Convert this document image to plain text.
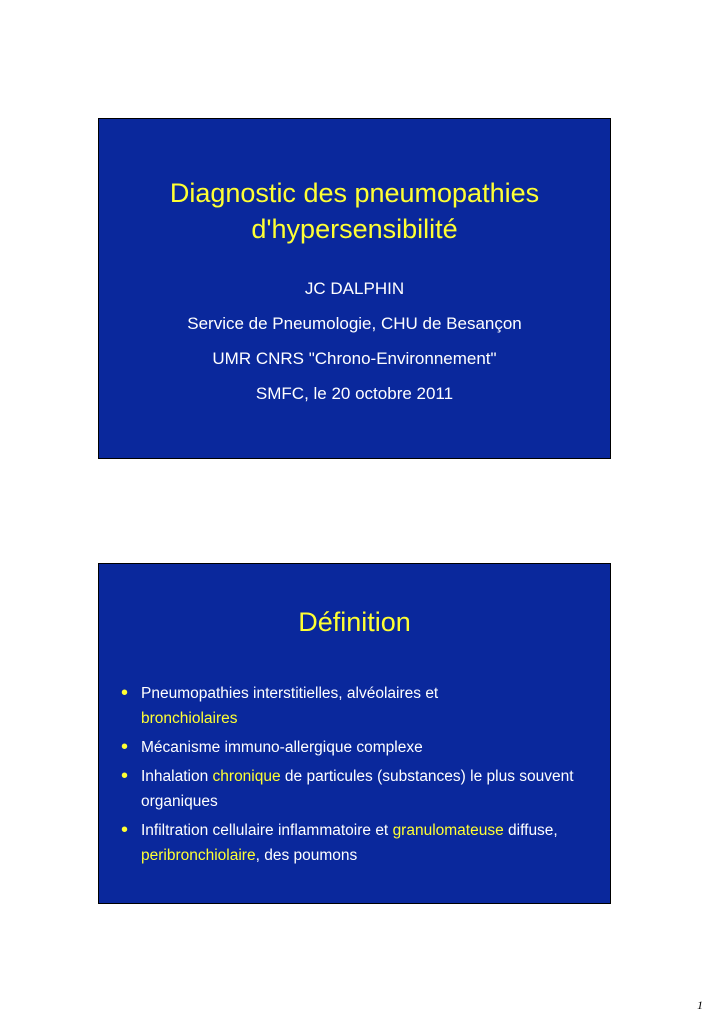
Diagnostic des pneumopathies
d'hypersensibilité
JC DALPHIN
Service de Pneumologie, CHU de Besançon
UMR CNRS "Chrono-Environnement"
SMFC, le 20 octobre 2011
Définition
• Pneumopathies interstitielles, alvéolaires et
bronchiolaires
• Mécanisme immuno-allergique complexe
• Inhalation chronique de particules (substances) le plus souvent organiques
• Infiltration cellulaire inflammatoire et granulomateuse diffuse, peribronchiolaire, des poumons
1
